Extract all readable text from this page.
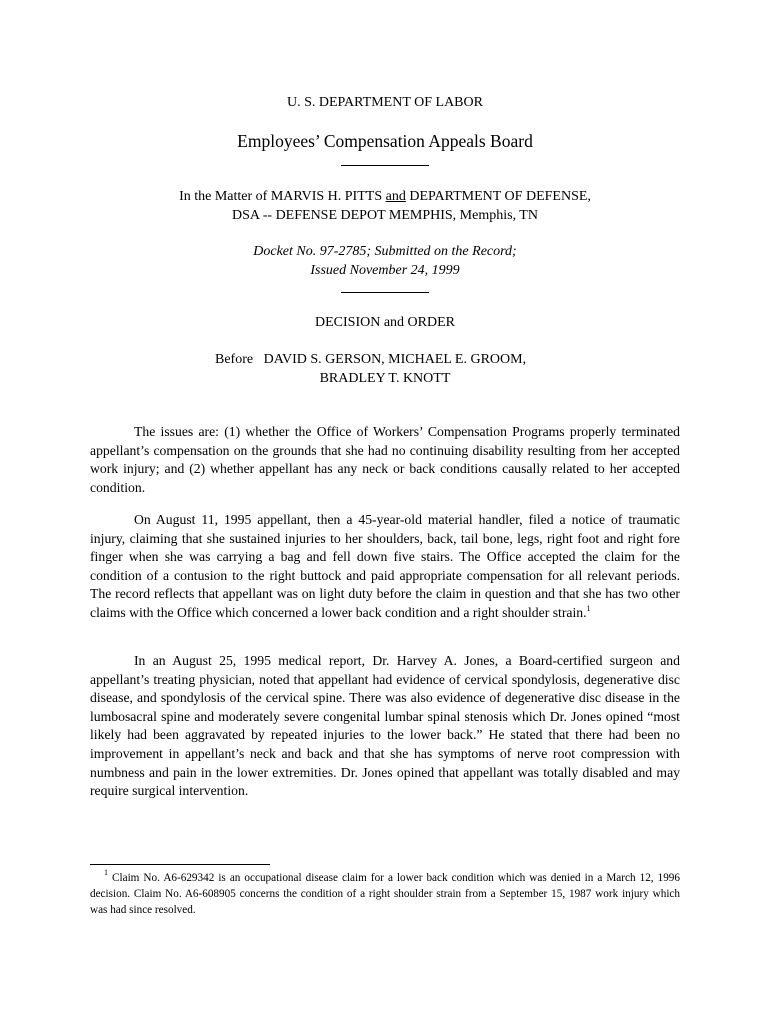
U. S. DEPARTMENT OF LABOR
Employees’ Compensation Appeals Board
In the Matter of MARVIS H. PITTS and DEPARTMENT OF DEFENSE,
DSA -- DEFENSE DEPOT MEMPHIS, Memphis, TN
Docket No. 97-2785; Submitted on the Record;
Issued November 24, 1999
DECISION and ORDER
Before   DAVID S. GERSON, MICHAEL E. GROOM,
BRADLEY T. KNOTT

The issues are: (1) whether the Office of Workers’ Compensation Programs properly terminated appellant’s compensation on the grounds that she had no continuing disability resulting from her accepted work injury; and (2) whether appellant has any neck or back conditions causally related to her accepted condition.

On August 11, 1995 appellant, then a 45-year-old material handler, filed a notice of traumatic injury, claiming that she sustained injuries to her shoulders, back, tail bone, legs, right foot and right fore finger when she was carrying a bag and fell down five stairs. The Office accepted the claim for the condition of a contusion to the right buttock and paid appropriate compensation for all relevant periods. The record reflects that appellant was on light duty before the claim in question and that she has two other claims with the Office which concerned a lower back condition and a right shoulder strain.$^1$

In an August 25, 1995 medical report, Dr. Harvey A. Jones, a Board-certified surgeon and appellant’s treating physician, noted that appellant had evidence of cervical spondylosis, degenerative disc disease, and spondylosis of the cervical spine. There was also evidence of degenerative disc disease in the lumbosacral spine and moderately severe congenital lumbar spinal stenosis which Dr. Jones opined “most likely had been aggravated by repeated injuries to the lower back.” He stated that there had been no improvement in appellant’s neck and back and that she has symptoms of nerve root compression with numbness and pain in the lower extremities. Dr. Jones opined that appellant was totally disabled and may require surgical intervention.

$^1$ Claim No. A6-629342 is an occupational disease claim for a lower back condition which was denied in a March 12, 1996 decision. Claim No. A6-608905 concerns the condition of a right shoulder strain from a September 15, 1987 work injury which was had since resolved.
